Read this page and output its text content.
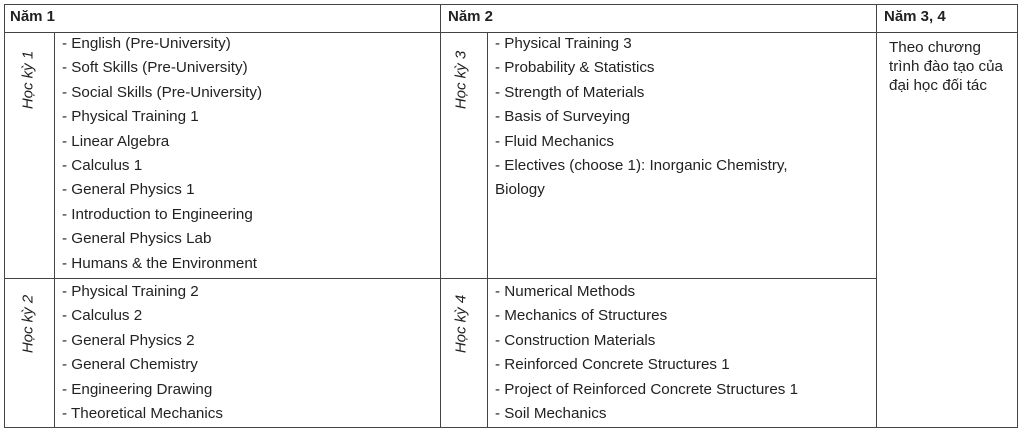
Năm 1	Năm 2	Năm 3, 4
Học kỳ 1
Học kỳ 2
Học kỳ 3
Học kỳ 4
- English (Pre-University)
- Soft Skills (Pre-University)
- Social Skills (Pre-University)
- Physical Training 1
- Linear Algebra
- Calculus 1
- General Physics 1
- Introduction to Engineering
- General Physics Lab
- Humans & the Environment
- Physical Training 2
- Calculus 2
- General Physics 2
- General Chemistry
- Engineering Drawing
- Theoretical Mechanics
- Physical Training 3
- Probability & Statistics
- Strength of Materials
- Basis of Surveying
- Fluid Mechanics
- Electives (choose 1): Inorganic Chemistry,
Biology
- Numerical Methods
- Mechanics of Structures
- Construction Materials
- Reinforced Concrete Structures 1
- Project of Reinforced Concrete Structures 1
- Soil Mechanics
Theo chương trình đào tạo của đại học đối tác
